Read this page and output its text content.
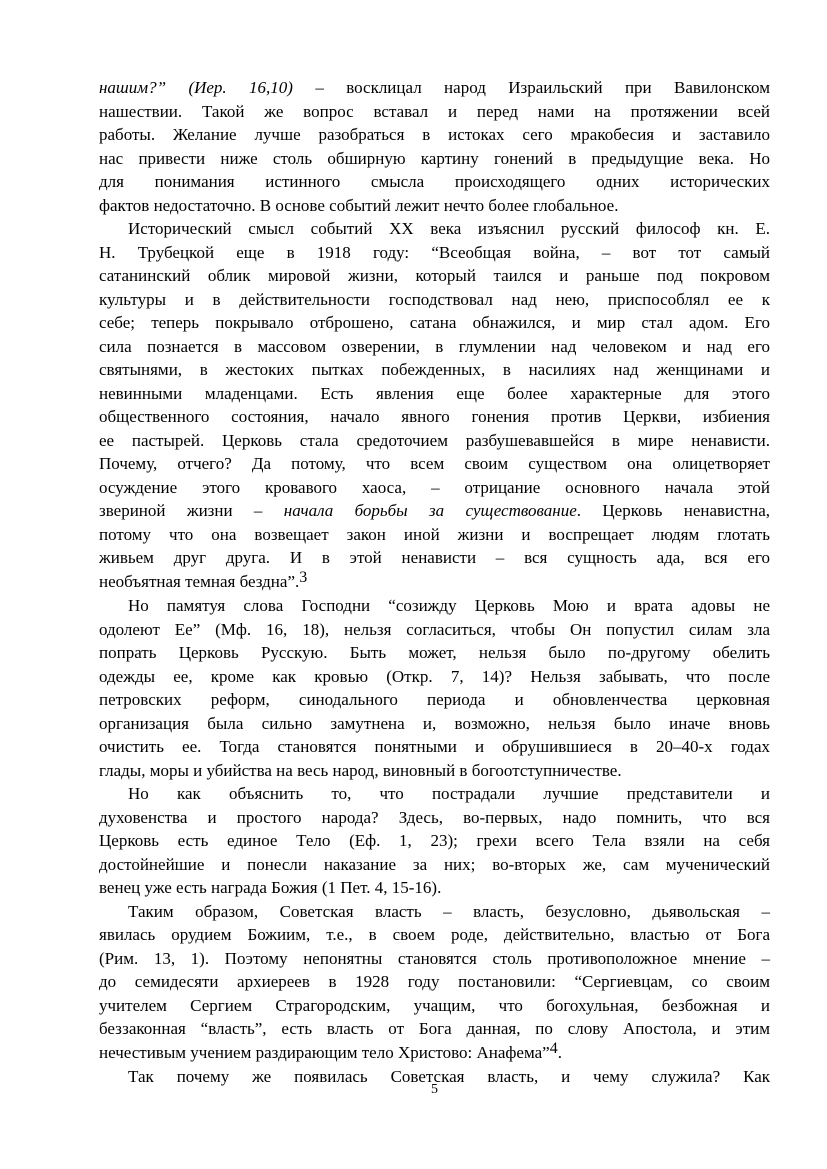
нашим?” (Иер. 16,10) – восклицал народ Израильский при Вавилонском
нашествии. Такой же вопрос вставал и перед нами на протяжении всей
работы. Желание лучше разобраться в истоках сего мракобесия и заставило
нас привести ниже столь обширную картину гонений в предыдущие века. Но
для понимания истинного смысла происходящего одних исторических
фактов недостаточно. В основе событий лежит нечто более глобальное.
Исторический смысл событий XX века изъяснил русский философ кн. Е.
Н. Трубецкой еще в 1918 году: “Всеобщая война, – вот тот самый
сатанинский облик мировой жизни, который таился и раньше под покровом
культуры и в действительности господствовал над нею, приспособлял ее к
себе; теперь покрывало отброшено, сатана обнажился, и мир стал адом. Его
сила познается в массовом озверении, в глумлении над человеком и над его
святынями, в жестоких пытках побежденных, в насилиях над женщинами и
невинными младенцами. Есть явления еще более характерные для этого
общественного состояния, начало явного гонения против Церкви, избиения
ее пастырей. Церковь стала средоточием разбушевавшейся в мире ненависти.
Почему, отчего? Да потому, что всем своим существом она олицетворяет
осуждение этого кровавого хаоса, – отрицание основного начала этой
звериной жизни – начала борьбы за существование. Церковь ненавистна,
потому что она возвещает закон иной жизни и воспрещает людям глотать
живьем друг друга. И в этой ненависти – вся сущность ада, вся его
необъятная темная бездна”.3
Но памятуя слова Господни “созижду Церковь Мою и врата адовы не
одолеют Ее” (Мф. 16, 18), нельзя согласиться, чтобы Он попустил силам зла
попрать Церковь Русскую. Быть может, нельзя было по-другому обелить
одежды ее, кроме как кровью (Откр. 7, 14)? Нельзя забывать, что после
петровских реформ, синодального периода и обновленчества церковная
организация была сильно замутнена и, возможно, нельзя было иначе вновь
очистить ее. Тогда становятся понятными и обрушившиеся в 20–40-х годах
глады, моры и убийства на весь народ, виновный в богоотступничестве.
Но как объяснить то, что пострадали лучшие представители и
духовенства и простого народа? Здесь, во-первых, надо помнить, что вся
Церковь есть единое Тело (Еф. 1, 23); грехи всего Тела взяли на себя
достойнейшие и понесли наказание за них; во-вторых же, сам мученический
венец уже есть награда Божия (1 Пет. 4, 15-16).
Таким образом, Советская власть – власть, безусловно, дьявольская –
явилась орудием Божиим, т.е., в своем роде, действительно, властью от Бога
(Рим. 13, 1). Поэтому непонятны становятся столь противоположное мнение –
до семидесяти архиереев в 1928 году постановили: “Сергиевцам, со своим
учителем Сергием Страгородским, учащим, что богохульная, безбожная и
беззаконная “власть”, есть власть от Бога данная, по слову Апостола, и этим
нечестивым учением раздирающим тело Христово: Анафема”4.
Так почему же появилась Советская власть, и чему служила? Как
5
